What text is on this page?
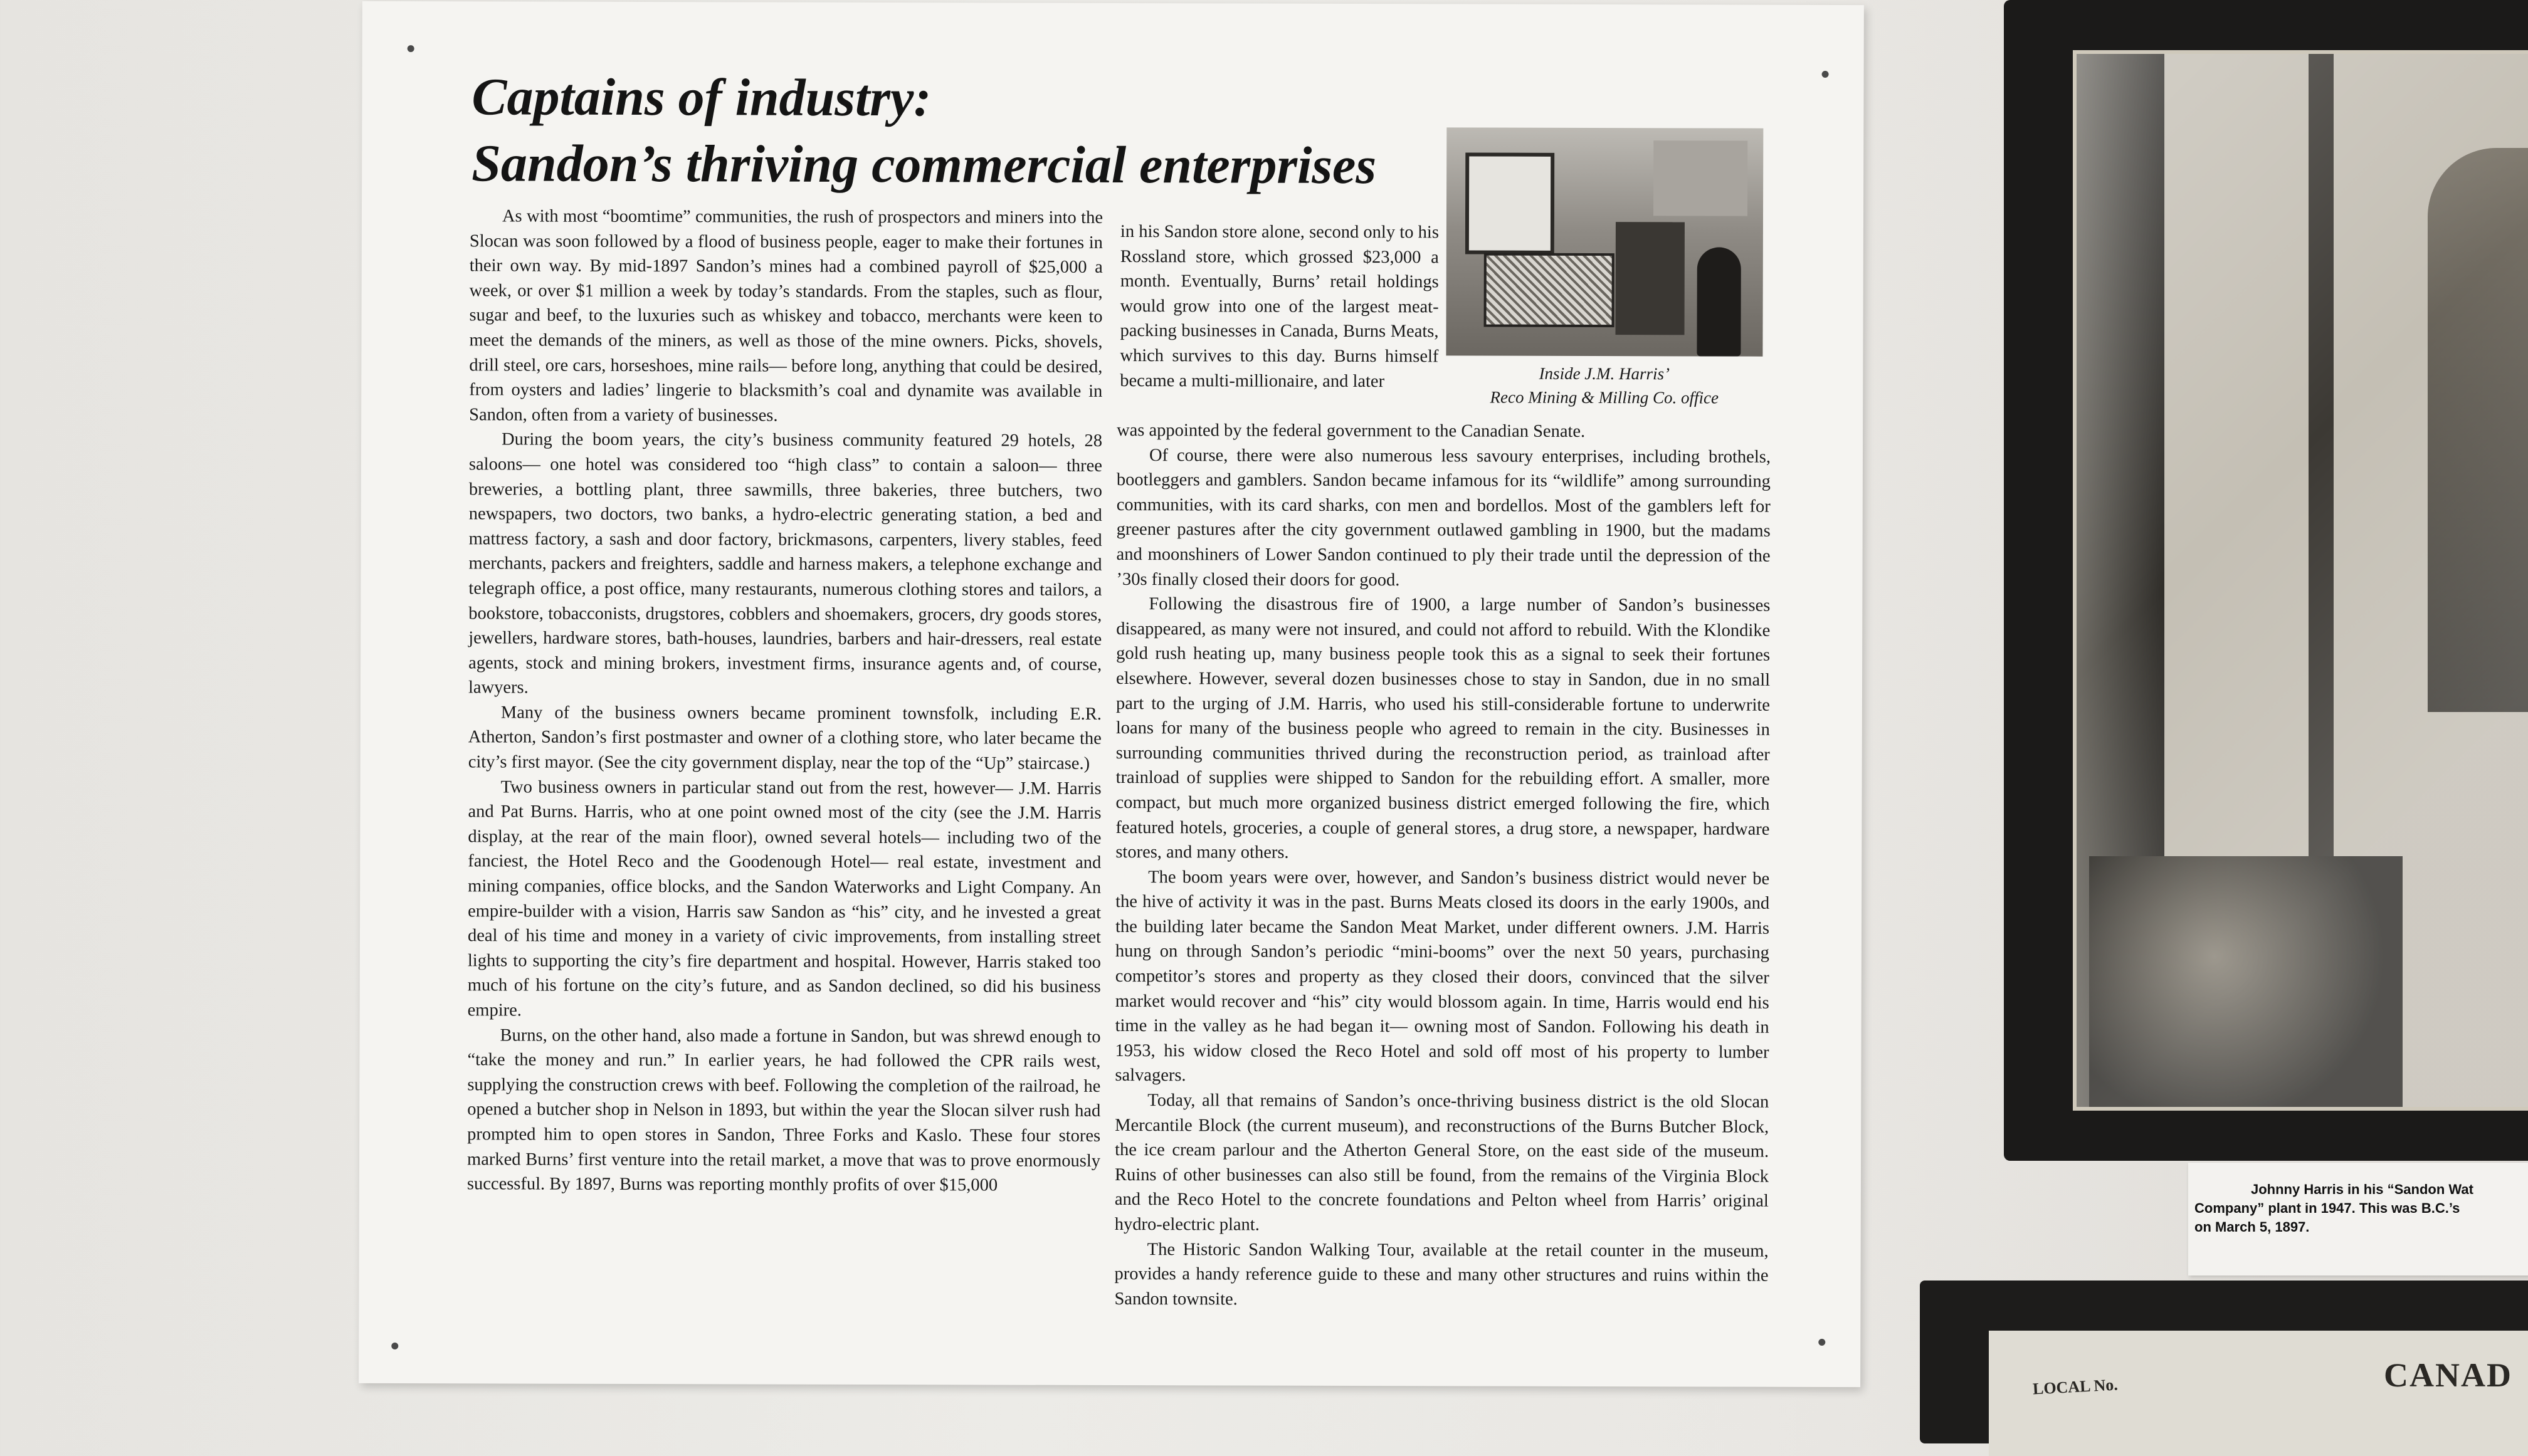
Captains of industry:
Sandon’s thriving commercial enterprises
Inside J.M. Harris’
Reco Mining & Milling Co. office

As with most “boomtime” communities, the rush of prospectors and miners into the Slocan was soon followed by a flood of business people, eager to make their fortunes in their own way. By mid-1897 Sandon’s mines had a combined payroll of $25,000 a week, or over $1 million a week by today’s standards. From the staples, such as flour, sugar and beef, to the luxuries such as whiskey and tobacco, merchants were keen to meet the demands of the miners, as well as those of the mine owners. Picks, shovels, drill steel, ore cars, horseshoes, mine rails— before long, anything that could be desired, from oysters and ladies’ lingerie to blacksmith’s coal and dynamite was available in Sandon, often from a variety of businesses.

During the boom years, the city’s business community featured 29 hotels, 28 saloons— one hotel was considered too “high class” to contain a saloon— three breweries, a bottling plant, three sawmills, three bakeries, three butchers, two newspapers, two doctors, two banks, a hydro-electric generating station, a bed and mattress factory, a sash and door factory, brickmasons, carpenters, livery stables, feed merchants, packers and freighters, saddle and harness makers, a telephone exchange and telegraph office, a post office, many restaurants, numerous clothing stores and tailors, a bookstore, tobacconists, drugstores, cobblers and shoemakers, grocers, dry goods stores, jewellers, hardware stores, bath-houses, laundries, barbers and hair-dressers, real estate agents, stock and mining brokers, investment firms, insurance agents and, of course, lawyers.

Many of the business owners became prominent townsfolk, including E.R. Atherton, Sandon’s first postmaster and owner of a clothing store, who later became the city’s first mayor. (See the city government display, near the top of the “Up” staircase.)

Two business owners in particular stand out from the rest, however— J.M. Harris and Pat Burns. Harris, who at one point owned most of the city (see the J.M. Harris display, at the rear of the main floor), owned several hotels— including two of the fanciest, the Hotel Reco and the Goodenough Hotel— real estate, investment and mining companies, office blocks, and the Sandon Waterworks and Light Company. An empire-builder with a vision, Harris saw Sandon as “his” city, and he invested a great deal of his time and money in a variety of civic improvements, from installing street lights to supporting the city’s fire department and hospital. However, Harris staked too much of his fortune on the city’s future, and as Sandon declined, so did his business empire.

Burns, on the other hand, also made a fortune in Sandon, but was shrewd enough to “take the money and run.” In earlier years, he had followed the CPR rails west, supplying the construction crews with beef. Following the completion of the railroad, he opened a butcher shop in Nelson in 1893, but within the year the Slocan silver rush had prompted him to open stores in Sandon, Three Forks and Kaslo. These four stores marked Burns’ first venture into the retail market, a move that was to prove enormously successful. By 1897, Burns was reporting monthly profits of over $15,000

in his Sandon store alone, second only to his Rossland store, which grossed $23,000 a month. Eventually, Burns’ retail holdings would grow into one of the largest meat-packing businesses in Canada, Burns Meats, which survives to this day. Burns himself became a multi-millionaire, and later

was appointed by the federal government to the Canadian Senate.

Of course, there were also numerous less savoury enterprises, including brothels, bootleggers and gamblers. Sandon became infamous for its “wildlife” among surrounding communities, with its card sharks, con men and bordellos. Most of the gamblers left for greener pastures after the city government outlawed gambling in 1900, but the madams and moonshiners of Lower Sandon continued to ply their trade until the depression of the ’30s finally closed their doors for good.

Following the disastrous fire of 1900, a large number of Sandon’s businesses disappeared, as many were not insured, and could not afford to rebuild. With the Klondike gold rush heating up, many business people took this as a signal to seek their fortunes elsewhere. However, several dozen businesses chose to stay in Sandon, due in no small part to the urging of J.M. Harris, who used his still-considerable fortune to underwrite loans for many of the business people who agreed to remain in the city. Businesses in surrounding communities thrived during the reconstruction period, as trainload after trainload of supplies were shipped to Sandon for the rebuilding effort. A smaller, more compact, but much more organized business district emerged following the fire, which featured hotels, groceries, a couple of general stores, a drug store, a newspaper, hardware stores, and many others.

The boom years were over, however, and Sandon’s business district would never be the hive of activity it was in the past. Burns Meats closed its doors in the early 1900s, and the building later became the Sandon Meat Market, under different owners. J.M. Harris hung on through Sandon’s periodic “mini-booms” over the next 50 years, purchasing competitor’s stores and property as they closed their doors, convinced that the silver market would recover and “his” city would blossom again. In time, Harris would end his time in the valley as he had began it— owning most of Sandon. Following his death in 1953, his widow closed the Reco Hotel and sold off most of his property to lumber salvagers.

Today, all that remains of Sandon’s once-thriving business district is the old Slocan Mercantile Block (the current museum), and reconstructions of the Burns Butcher Block, the ice cream parlour and the Atherton General Store, on the east side of the museum. Ruins of other businesses can also still be found, from the remains of the Virginia Block and the Reco Hotel to the concrete foundations and Pelton wheel from Harris’ original hydro-electric plant.

The Historic Sandon Walking Tour, available at the retail counter in the museum, provides a handy reference guide to these and many other structures and ruins within the Sandon townsite.

Johnny Harris in his “Sandon Wat
Company” plant in 1947. This was B.C.’s
on March 5, 1897.
LOCAL No.	CANAD
